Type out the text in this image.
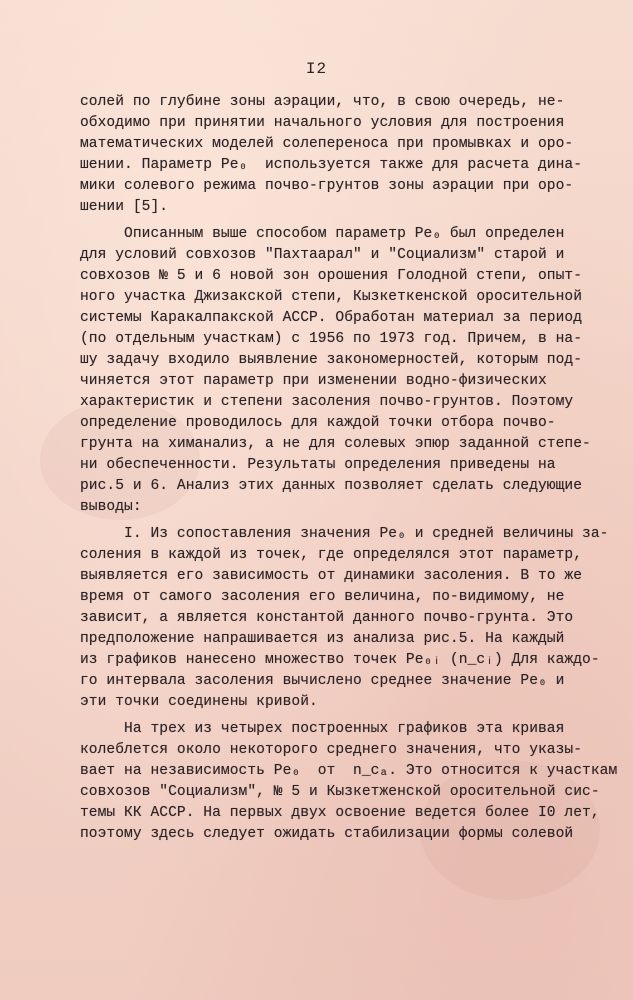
I2
солей по глубине зоны аэрации, что, в свою очередь, не-
обходимо при принятии начального условия для построения
математических моделей солепереноса при промывках и оро-
шении. Параметр Pe₀  используется также для расчета дина-
мики солевого режима почво-грунтов зоны аэрации при оро-
шении [5].
Описанным выше способом параметр Pe₀ был определен
для условий совхозов "Пахтаарал" и "Социализм" старой и
совхозов № 5 и 6 новой зон орошения Голодной степи, опыт-
ного участка Джизакской степи, Кызкеткенской оросительной
системы Каракалпакской АССР. Обработан материал за период
(по отдельным участкам) с 1956 по 1973 год. Причем, в на-
шу задачу входило выявление закономерностей, которым под-
чиняется этот параметр при изменении водно-физических
характеристик и степени засоления почво-грунтов. Поэтому
определение проводилось для каждой точки отбора почво-
грунта на химанализ, а не для солевых эпюр заданной степе-
ни обеспеченности. Результаты определения приведены на
рис.5 и 6. Анализ этих данных позволяет сделать следующие
выводы:
I. Из сопоставления значения Pe₀ и средней величины за-
соления в каждой из точек, где определялся этот параметр,
выявляется его зависимость от динамики засоления. В то же
время от самого засоления его величина, по-видимому, не
зависит, а является константой данного почво-грунта. Это
предположение напрашивается из анализа рис.5. На каждый
из графиков нанесено множество точек Pe₀ᵢ (n_cᵢ) Для каждо-
го интервала засоления вычислено среднее значение Pe₀ и
эти точки соединены кривой.
На трех из четырех построенных графиков эта кривая
колеблется около некоторого среднего значения, что указы-
вает на независимость Pe₀  от  n_cₐ. Это относится к участкам
совхозов "Социализм", № 5 и Кызкетженской оросительной сис-
темы КК АССР. На первых двух освоение ведется более I0 лет,
поэтому здесь следует ожидать стабилизации формы солевой
